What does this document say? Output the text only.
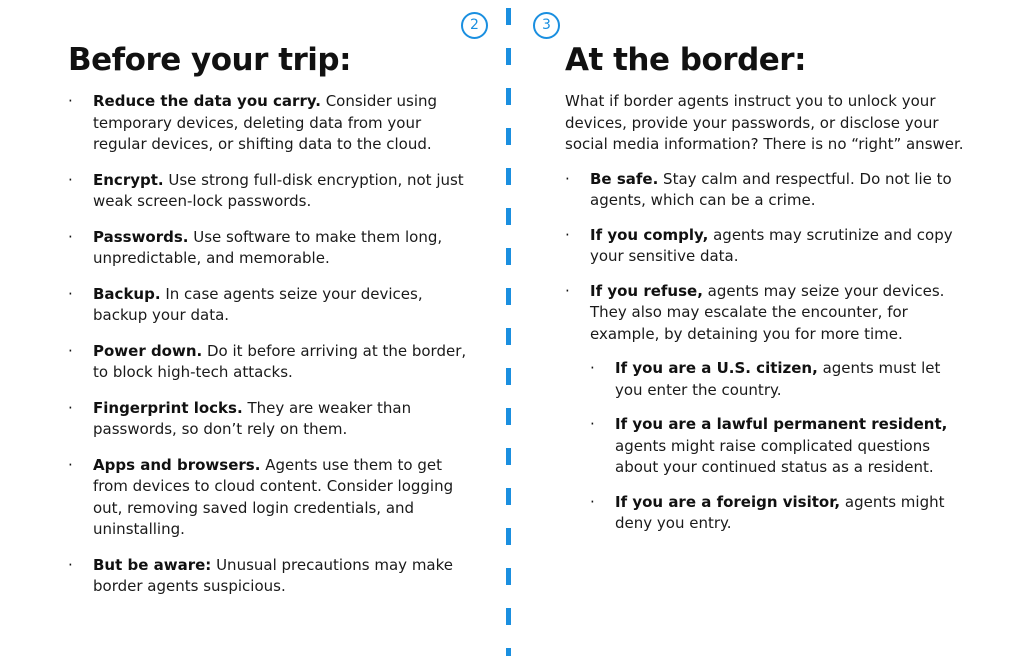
2	3
Before your trip:
· Reduce the data you carry. Consider using temporary devices, deleting data from your regular devices, or shifting data to the cloud.
· Encrypt. Use strong full-disk encryption, not just weak screen-lock passwords.
· Passwords. Use software to make them long, unpredictable, and memorable.
· Backup. In case agents seize your devices, backup your data.
· Power down. Do it before arriving at the border, to block high-tech attacks.
· Fingerprint locks. They are weaker than passwords, so don’t rely on them.
· Apps and browsers. Agents use them to get from devices to cloud content. Consider logging out, removing saved login credentials, and uninstalling.
· But be aware: Unusual precautions may make border agents suspicious.
At the border:

What if border agents instruct you to unlock your devices, provide your passwords, or disclose your social media information? There is no “right” answer.

· Be safe. Stay calm and respectful. Do not lie to agents, which can be a crime.
· If you comply, agents may scrutinize and copy your sensitive data.
· If you refuse, agents may seize your devices. They also may escalate the encounter, for example, by detaining you for more time.
· If you are a U.S. citizen, agents must let you enter the country.
· If you are a lawful permanent resident, agents might raise complicated questions about your continued status as a resident.
· If you are a foreign visitor, agents might deny you entry.
